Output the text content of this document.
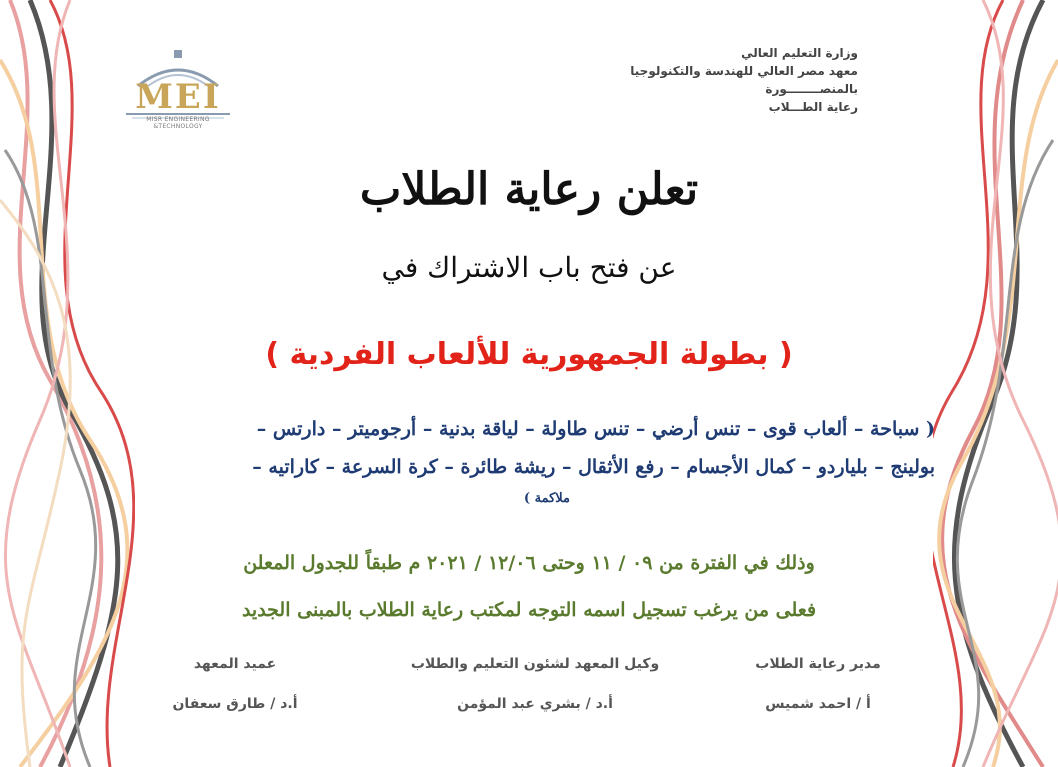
MEI
MISR ENGINEERING &TECHNOLOGY
وزارة التعليم العالي
معهد مصر العالي للهندسة والتكنولوجيا
بالمنصــــــــورة
رعاية الطـــلاب
تعلن رعاية الطلاب
عن فتح باب الاشتراك في
( بطولة الجمهورية للألعاب الفردية )
( سباحة – ألعاب قوى – تنس أرضي – تنس طاولة – لياقة بدنية – أرجوميتر – دارتس –
بولينج – بلياردو – كمال الأجسام – رفع الأثقال – ريشة طائرة – كرة السرعة – كاراتيه –
ملاكمة )
وذلك في الفترة من ٠٩ / ١١ وحتى ١٢/٠٦ / ٢٠٢١ م طبقاً للجدول المعلن
فعلى من يرغب تسجيل اسمه التوجه لمكتب رعاية الطلاب بالمبنى الجديد
مدير رعاية الطلاب
أ / احمد شميس
وكيل المعهد لشئون التعليم والطلاب
أ.د / بشري عبد المؤمن
عميد المعهد
أ.د / طارق سعفان
